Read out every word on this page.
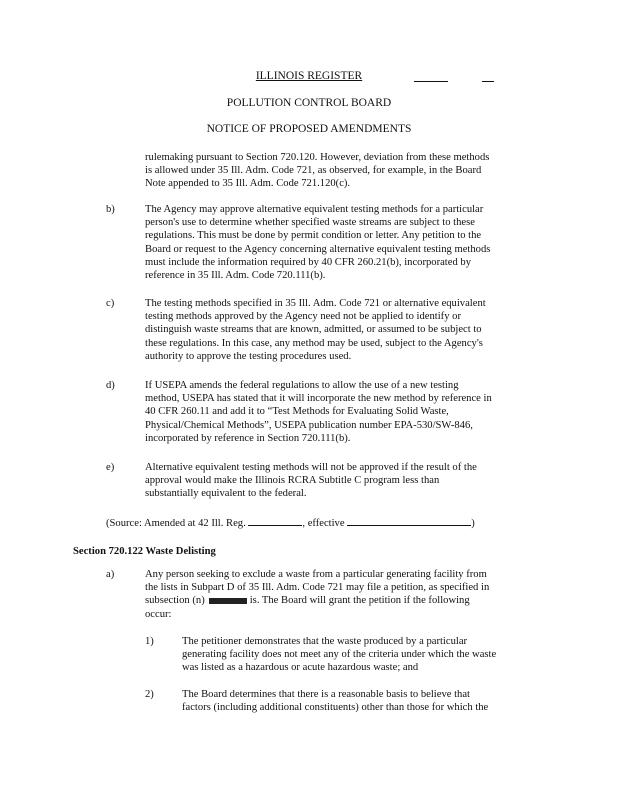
ILLINOIS REGISTER
POLLUTION CONTROL BOARD
NOTICE OF PROPOSED AMENDMENTS
rulemaking pursuant to Section 720.120. However, deviation from these methods
is allowed under 35 Ill. Adm. Code 721, as observed, for example, in the Board
Note appended to 35 Ill. Adm. Code 721.120(c).
b)	The Agency may approve alternative equivalent testing methods for a particular
person's use to determine whether specified waste streams are subject to these
regulations. This must be done by permit condition or letter. Any petition to the
Board or request to the Agency concerning alternative equivalent testing methods
must include the information required by 40 CFR 260.21(b), incorporated by
reference in 35 Ill. Adm. Code 720.111(b).
c)	The testing methods specified in 35 Ill. Adm. Code 721 or alternative equivalent
testing methods approved by the Agency need not be applied to identify or
distinguish waste streams that are known, admitted, or assumed to be subject to
these regulations. In this case, any method may be used, subject to the Agency's
authority to approve the testing procedures used.
d)	If USEPA amends the federal regulations to allow the use of a new testing
method, USEPA has stated that it will incorporate the new method by reference in
40 CFR 260.11 and add it to “Test Methods for Evaluating Solid Waste,
Physical/Chemical Methods”, USEPA publication number EPA-530/SW-846,
incorporated by reference in Section 720.111(b).
e)	Alternative equivalent testing methods will not be approved if the result of the
approval would make the Illinois RCRA Subtitle C program less than
substantially equivalent to the federal.
(Source: Amended at 42 Ill. Reg.	, effective	)
Section 720.122 Waste Delisting
a)	Any person seeking to exclude a waste from a particular generating facility from
the lists in Subpart D of 35 Ill. Adm. Code 721 may file a petition, as specified in
subsection (n)	is. The Board will grant the petition if the following
occur:
1)	The petitioner demonstrates that the waste produced by a particular
generating facility does not meet any of the criteria under which the waste
was listed as a hazardous or acute hazardous waste; and
2)	The Board determines that there is a reasonable basis to believe that
factors (including additional constituents) other than those for which the
